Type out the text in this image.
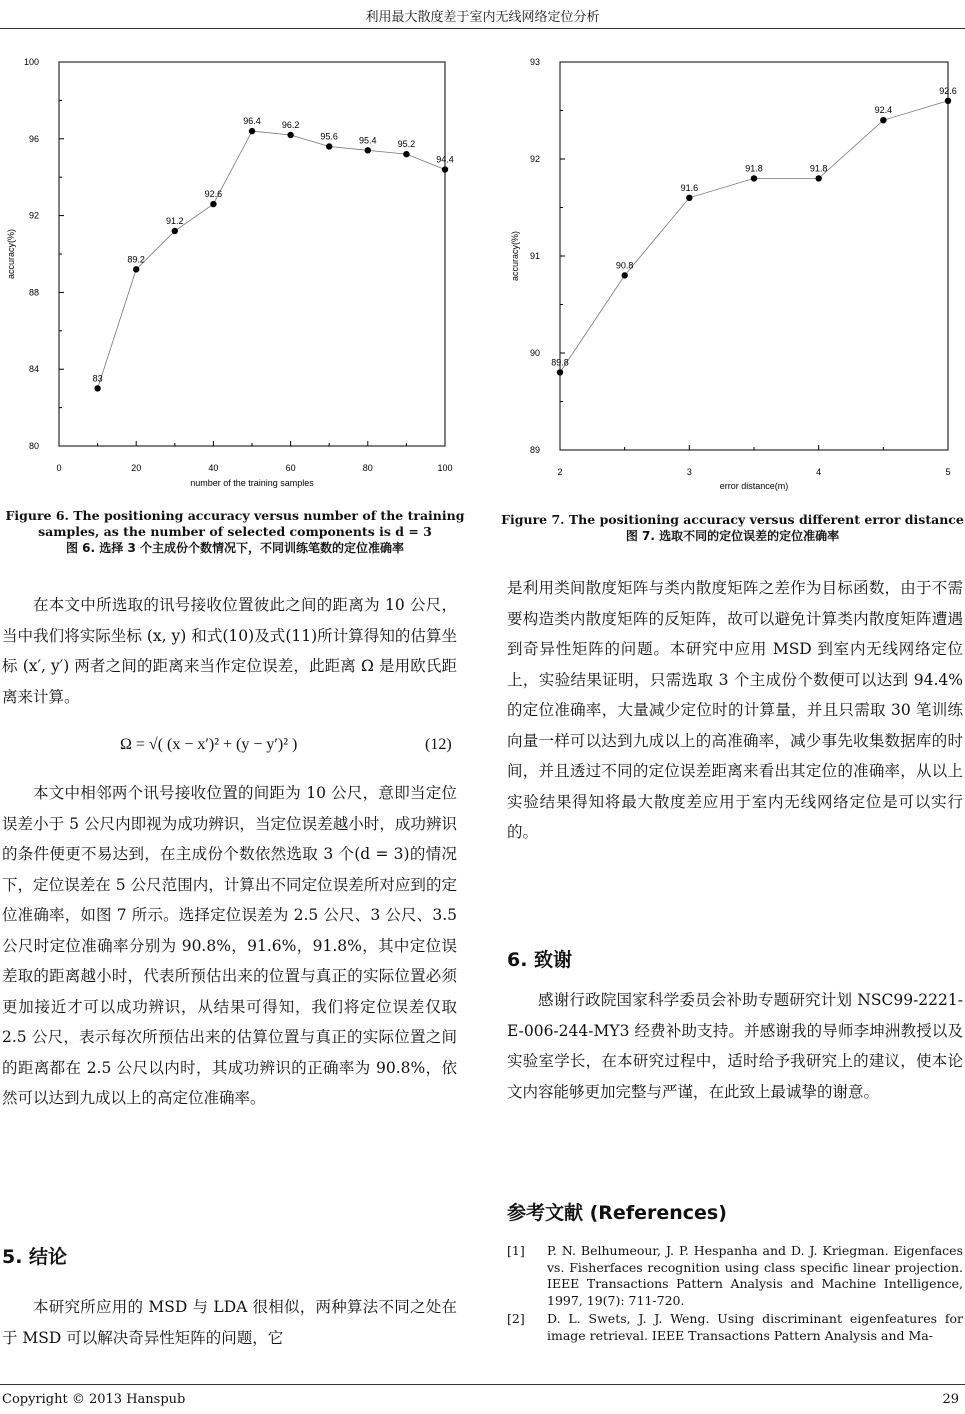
利用最大散度差于室内无线网络定位分析
80
84
88
92
96
100
0	20	40	60	80	100
number of the training samples
accuracy(%)
83
89.2
91.2
92.6
96.4 96.2
95.6 95.4 95.2
94.4
Figure 6. The positioning accuracy versus number of the training
samples, as the number of selected components is d = 3
图 6. 选择 3 个主成份个数情况下，不同训练笔数的定位准确率
89
90
91
92
93
2	3	4	5
error distance(m)
accuracy(%)
89.8
90.8
91.6
91.8	91.8
92.4
92.6
Figure 7. The positioning accuracy versus different error distance
图 7. 选取不同的定位误差的定位准确率

在本文中所选取的讯号接收位置彼此之间的距离为 10 公尺，当中我们将实际坐标 (x, y) 和式(10)及式(11)所计算得知的估算坐标 (x′, y′) 两者之间的距离来当作定位误差，此距离 Ω 是用欧氏距离来计算。

Ω = √( (x − x′)² + (y − y′)² )	(12)

本文中相邻两个讯号接收位置的间距为 10 公尺，意即当定位误差小于 5 公尺内即视为成功辨识，当定位误差越小时，成功辨识的条件便更不易达到，在主成份个数依然选取 3 个(d = 3)的情况下，定位误差在 5 公尺范围内，计算出不同定位误差所对应到的定位准确率，如图 7 所示。选择定位误差为 2.5 公尺、3 公尺、3.5 公尺时定位准确率分别为 90.8%，91.6%，91.8%，其中定位误差取的距离越小时，代表所预估出来的位置与真正的实际位置必须更加接近才可以成功辨识，从结果可得知，我们将定位误差仅取 2.5 公尺，表示每次所预估出来的估算位置与真正的实际位置之间的距离都在 2.5 公尺以内时，其成功辨识的正确率为 90.8%，依然可以达到九成以上的高定位准确率。

5. 结论

本研究所应用的 MSD 与 LDA 很相似，两种算法不同之处在于 MSD 可以解决奇异性矩阵的问题，它

是利用类间散度矩阵与类内散度矩阵之差作为目标函数，由于不需要构造类内散度矩阵的反矩阵，故可以避免计算类内散度矩阵遭遇到奇异性矩阵的问题。本研究中应用 MSD 到室内无线网络定位上，实验结果证明，只需选取 3 个主成份个数便可以达到 94.4%的定位准确率，大量减少定位时的计算量，并且只需取 30 笔训练向量一样可以达到九成以上的高准确率，减少事先收集数据库的时间，并且透过不同的定位误差距离来看出其定位的准确率，从以上实验结果得知将最大散度差应用于室内无线网络定位是可以实行的。

6. 致谢

感谢行政院国家科学委员会补助专题研究计划 NSC99-2221-E-006-244-MY3 经费补助支持。并感谢我的导师李坤洲教授以及实验室学长，在本研究过程中，适时给予我研究上的建议，使本论文内容能够更加完整与严谨，在此致上最诚挚的谢意。

参考文献 (References)
[1]	P. N. Belhumeour, J. P. Hespanha and D. J. Kriegman. Eigenfaces vs. Fisherfaces recognition using class specific linear projection. IEEE Transactions Pattern Analysis and Machine Intelligence, 1997, 19(7): 711-720.
[2]	D. L. Swets, J. J. Weng. Using discriminant eigenfeatures for image retrieval. IEEE Transactions Pattern Analysis and Ma-
Copyright © 2013 Hanspub	29
